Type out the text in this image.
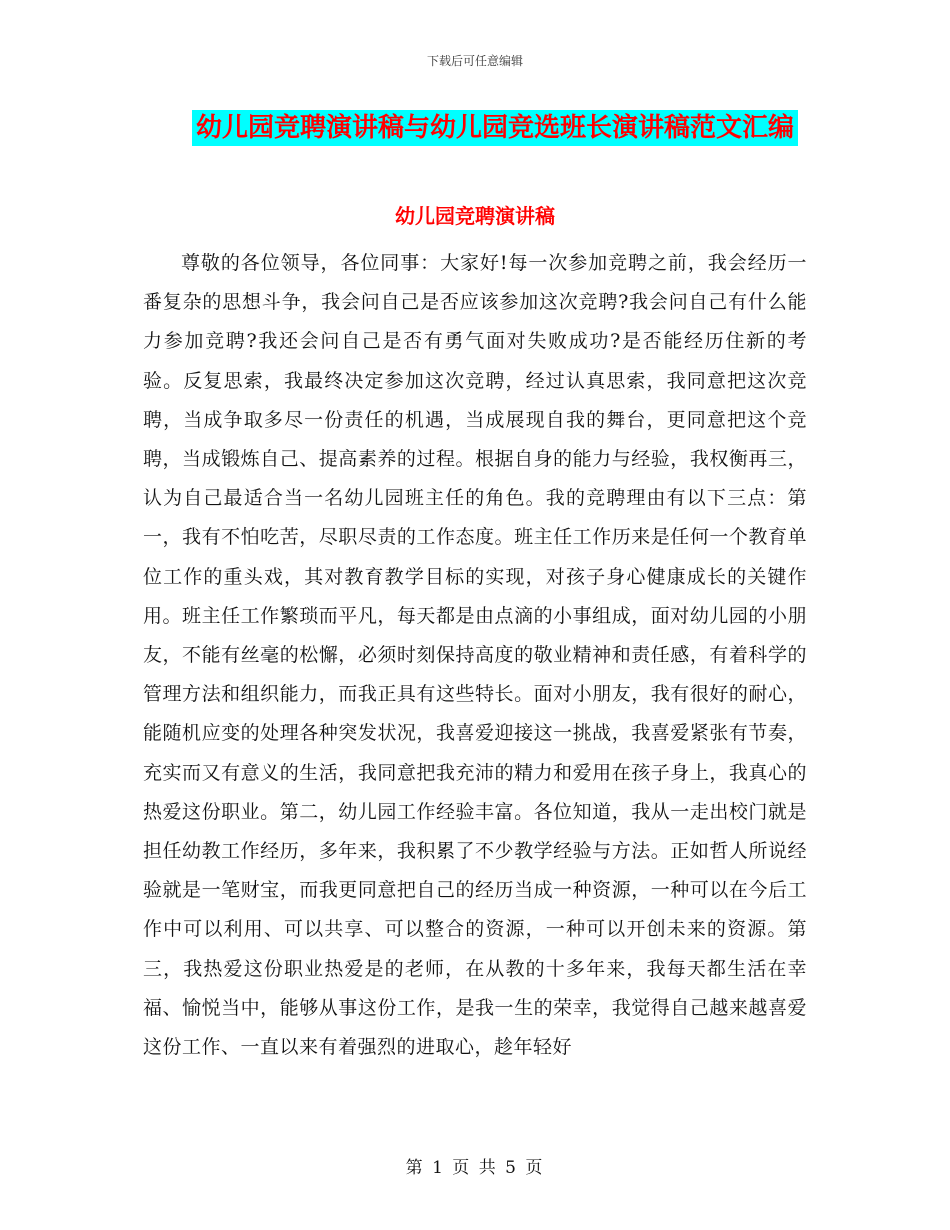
下载后可任意编辑
幼儿园竞聘演讲稿与幼儿园竞选班长演讲稿范文汇编
幼儿园竞聘演讲稿

尊敬的各位领导，各位同事：大家好!每一次参加竞聘之前，我会经历一番复杂的思想斗争，我会问自己是否应该参加这次竞聘?我会问自己有什么能力参加竞聘?我还会问自己是否有勇气面对失败成功?是否能经历住新的考验。反复思索，我最终决定参加这次竞聘，经过认真思索，我同意把这次竞聘，当成争取多尽一份责任的机遇，当成展现自我的舞台，更同意把这个竞聘，当成锻炼自己、提高素养的过程。根据自身的能力与经验，我权衡再三，认为自己最适合当一名幼儿园班主任的角色。我的竞聘理由有以下三点：第一，我有不怕吃苦，尽职尽责的工作态度。班主任工作历来是任何一个教育单位工作的重头戏，其对教育教学目标的实现，对孩子身心健康成长的关键作用。班主任工作繁琐而平凡，每天都是由点滴的小事组成，面对幼儿园的小朋友，不能有丝毫的松懈，必须时刻保持高度的敬业精神和责任感，有着科学的管理方法和组织能力，而我正具有这些特长。面对小朋友，我有很好的耐心，能随机应变的处理各种突发状况，我喜爱迎接这一挑战，我喜爱紧张有节奏，充实而又有意义的生活，我同意把我充沛的精力和爱用在孩子身上，我真心的热爱这份职业。第二，幼儿园工作经验丰富。各位知道，我从一走出校门就是担任幼教工作经历，多年来，我积累了不少教学经验与方法。正如哲人所说经验就是一笔财宝，而我更同意把自己的经历当成一种资源，一种可以在今后工作中可以利用、可以共享、可以整合的资源，一种可以开创未来的资源。第三，我热爱这份职业热爱是的老师，在从教的十多年来，我每天都生活在幸福、愉悦当中，能够从事这份工作，是我一生的荣幸，我觉得自己越来越喜爱这份工作、一直以来有着强烈的进取心，趁年轻好

第 1 页 共 5 页
